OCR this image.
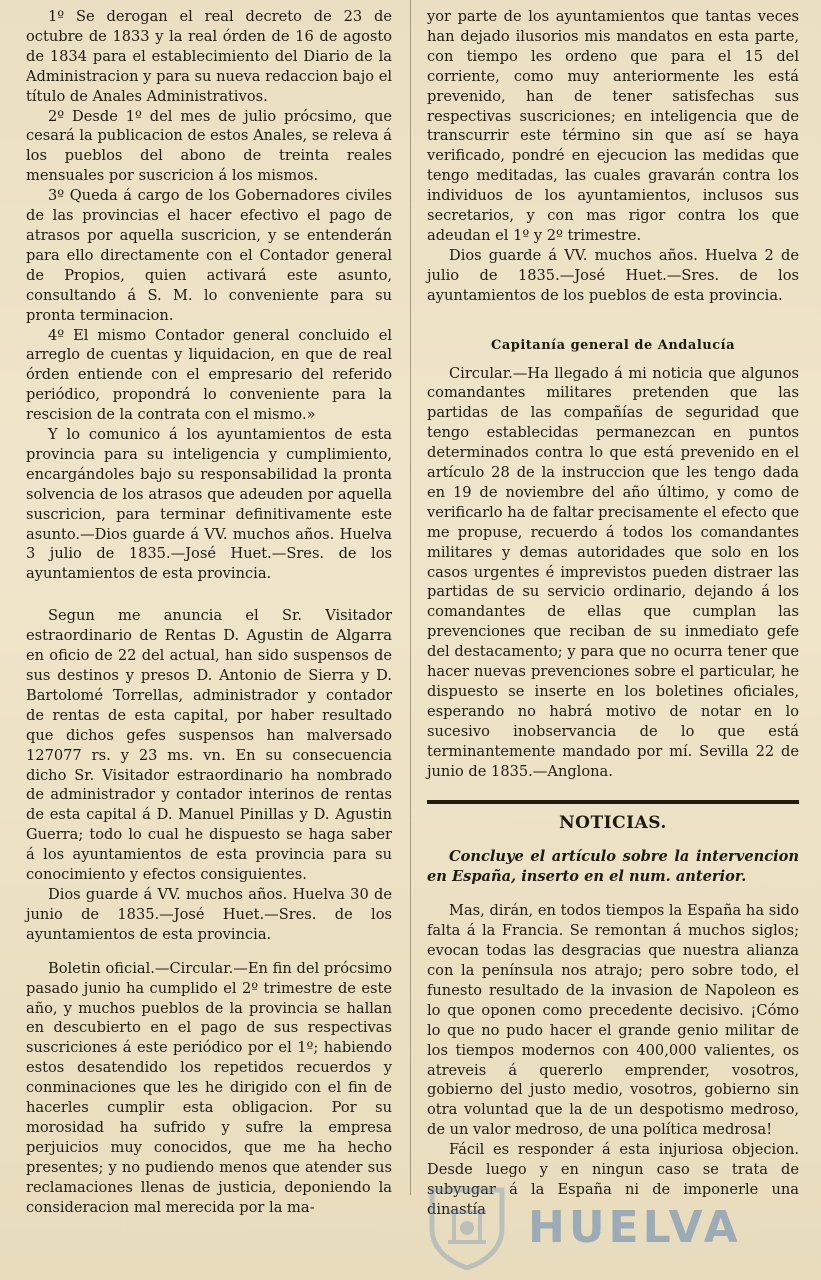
1º Se derogan el real decreto de 23 de octubre de 1833 y la real órden de 16 de agosto de 1834 para el establecimiento del Diario de la Administracion y para su nueva redaccion bajo el título de Anales Administrativos.

2º Desde 1º del mes de julio prócsimo, que cesará la publicacion de estos Anales, se releva á los pueblos del abono de treinta reales mensuales por suscricion á los mismos.

3º Queda á cargo de los Gobernadores civiles de las provincias el hacer efectivo el pago de atrasos por aquella suscricion, y se entenderán para ello directamente con el Contador general de Propios, quien activará este asunto, consultando á S. M. lo conveniente para su pronta terminacion.

4º El mismo Contador general concluido el arreglo de cuentas y liquidacion, en que de real órden entiende con el empresario del referido periódico, propondrá lo conveniente para la rescision de la contrata con el mismo.»

Y lo comunico á los ayuntamientos de esta provincia para su inteligencia y cumplimiento, encargándoles bajo su responsabilidad la pronta solvencia de los atrasos que adeuden por aquella suscricion, para terminar definitivamente este asunto.—Dios guarde á VV. muchos años. Huelva 3 julio de 1835.—José Huet.—Sres. de los ayuntamientos de esta provincia.

Segun me anuncia el Sr. Visitador estraordinario de Rentas D. Agustin de Algarra en oficio de 22 del actual, han sido suspensos de sus destinos y presos D. Antonio de Sierra y D. Bartolomé Torrellas, administrador y contador de rentas de esta capital, por haber resultado que dichos gefes suspensos han malversado 127077 rs. y 23 ms. vn. En su consecuencia dicho Sr. Visitador estraordinario ha nombrado de administrador y contador interinos de rentas de esta capital á D. Manuel Pinillas y D. Agustin Guerra; todo lo cual he dispuesto se haga saber á los ayuntamientos de esta provincia para su conocimiento y efectos consiguientes.

Dios guarde á VV. muchos años. Huelva 30 de junio de 1835.—José Huet.—Sres. de los ayuntamientos de esta provincia.

Boletin oficial.—Circular.—En fin del prócsimo pasado junio ha cumplido el 2º trimestre de este año, y muchos pueblos de la provincia se hallan en descubierto en el pago de sus respectivas suscriciones á este periódico por el 1º; habiendo estos desatendido los repetidos recuerdos y conminaciones que les he dirigido con el fin de hacerles cumplir esta obligacion. Por su morosidad ha sufrido y sufre la empresa perjuicios muy conocidos, que me ha hecho presentes; y no pudiendo menos que atender sus reclamaciones llenas de justicia, deponiendo la consideracion mal merecida por la ma-

yor parte de los ayuntamientos que tantas veces han dejado ilusorios mis mandatos en esta parte, con tiempo les ordeno que para el 15 del corriente, como muy anteriormente les está prevenido, han de tener satisfechas sus respectivas suscriciones; en inteligencia que de transcurrir este término sin que así se haya verificado, pondré en ejecucion las medidas que tengo meditadas, las cuales gravarán contra los individuos de los ayuntamientos, inclusos sus secretarios, y con mas rigor contra los que adeudan el 1º y 2º trimestre.

Dios guarde á VV. muchos años. Huelva 2 de julio de 1835.—José Huet.—Sres. de los ayuntamientos de los pueblos de esta provincia.

Capitanía general de Andalucía

Circular.—Ha llegado á mi noticia que algunos comandantes militares pretenden que las partidas de las compañías de seguridad que tengo establecidas permanezcan en puntos determinados contra lo que está prevenido en el artículo 28 de la instruccion que les tengo dada en 19 de noviembre del año último, y como de verificarlo ha de faltar precisamente el efecto que me propuse, recuerdo á todos los comandantes militares y demas autoridades que solo en los casos urgentes é imprevistos pueden distraer las partidas de su servicio ordinario, dejando á los comandantes de ellas que cumplan las prevenciones que reciban de su inmediato gefe del destacamento; y para que no ocurra tener que hacer nuevas prevenciones sobre el particular, he dispuesto se inserte en los boletines oficiales, esperando no habrá motivo de notar en lo sucesivo inobservancia de lo que está terminantemente mandado por mí. Sevilla 22 de junio de 1835.—Anglona.

NOTICIAS.

Concluye el artículo sobre la intervencion en España, inserto en el num. anterior.

Mas, dirán, en todos tiempos la España ha sido falta á la Francia. Se remontan á muchos siglos; evocan todas las desgracias que nuestra alianza con la península nos atrajo; pero sobre todo, el funesto resultado de la invasion de Napoleon es lo que oponen como precedente decisivo. ¡Cómo lo que no pudo hacer el grande genio militar de los tiempos modernos con 400,000 valientes, os atreveis á quererlo emprender, vosotros, gobierno del justo medio, vosotros, gobierno sin otra voluntad que la de un despotismo medroso, de un valor medroso, de una política medrosa!

Fácil es responder á esta injuriosa objecion. Desde luego y en ningun caso se trata de subyugar á la España ni de imponerle una dinastía HUELVA
